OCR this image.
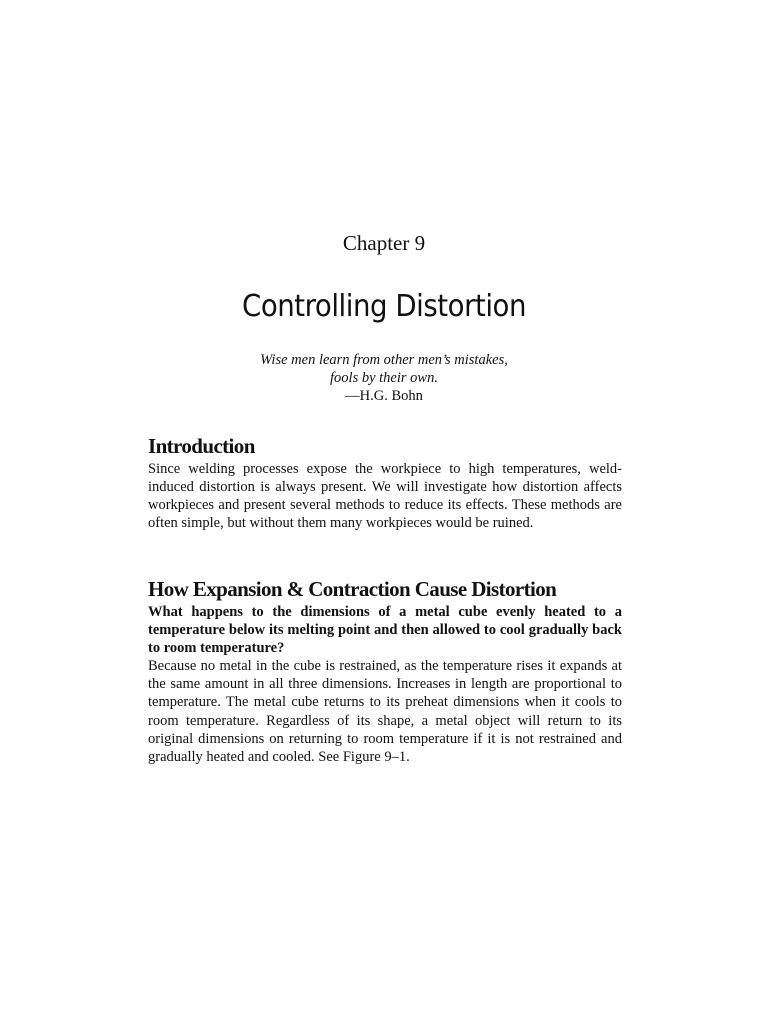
Chapter 9
Controlling Distortion
Wise men learn from other men’s mistakes,
fools by their own.
—H.G. Bohn
Introduction

Since welding processes expose the workpiece to high temperatures, weld-induced distortion is always present. We will investigate how distortion affects workpieces and present several methods to reduce its effects. These methods are often simple, but without them many workpieces would be ruined.

How Expansion & Contraction Cause Distortion

What happens to the dimensions of a metal cube evenly heated to a temperature below its melting point and then allowed to cool gradually back to room temperature?

Because no metal in the cube is restrained, as the temperature rises it expands at the same amount in all three dimensions. Increases in length are proportional to temperature. The metal cube returns to its preheat dimensions when it cools to room temperature. Regardless of its shape, a metal object will return to its original dimensions on returning to room temperature if it is not restrained and gradually heated and cooled. See Figure 9–1.
